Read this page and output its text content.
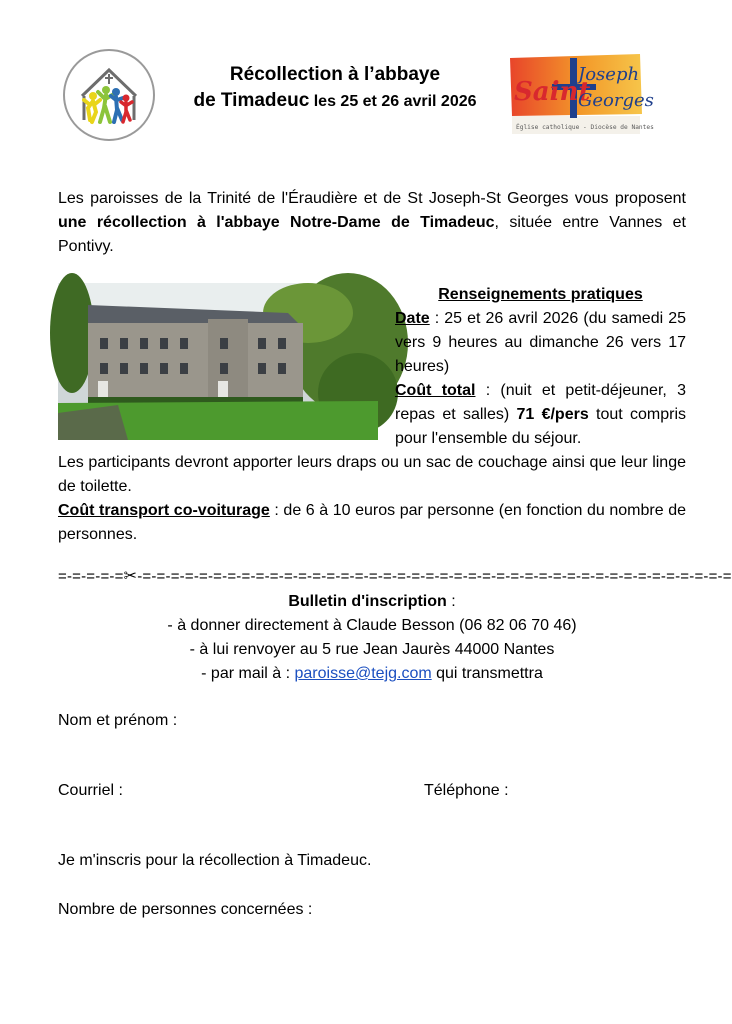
Récollection à l’abbaye
de Timadeuc les 25 et 26 avril 2026	Saint
Joseph
Georges
Église catholique - Diocèse de Nantes
Les paroisses de la Trinité de l'Éraudière et de St Joseph-St Georges vous proposent une récollection à l'abbaye Notre-Dame de Timadeuc, située entre Vannes et Pontivy.
Renseignements pratiques
Date : 25 et 26 avril 2026 (du samedi 25 vers 9 heures au dimanche 26 vers 17 heures)
Coût total : (nuit et petit-déjeuner, 3 repas et salles) 71 €/pers tout compris pour l'ensemble du séjour.
Les participants devront apporter leurs draps ou un sac de couchage ainsi que leur linge de toilette.
Coût transport co-voiturage : de 6 à 10 euros par personne (en fonction du nombre de personnes.
=-=-=-=-=✂-=-=-=-=-=-=-=-=-=-=-=-=-=-=-=-=-=-=-=-=-=-=-=-=-=-=-=-=-=-=-=-=-=-=-=-=-=-=-=-=-=-=
Bulletin d'inscription :
- à donner directement à Claude Besson (06 82 06 70 46)
- à lui renvoyer au 5 rue Jean Jaurès 44000 Nantes
- par mail à : paroisse@tejg.com qui transmettra
Nom et prénom :
Courriel :	Téléphone :
Je m'inscris pour la récollection à Timadeuc.
Nombre de personnes concernées :
